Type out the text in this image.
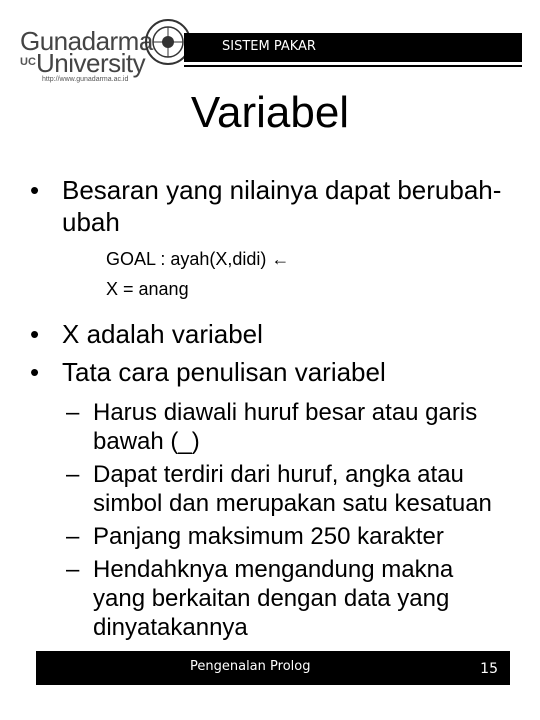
Gunadarma
UC University
http://www.gunadarma.ac.id
SISTEM PAKAR
Variabel
• Besaran yang nilainya dapat berubah-ubah
GOAL : ayah(X,didi) ←
X = anang
• X adalah variabel
• Tata cara penulisan variabel
– Harus diawali huruf besar atau garis bawah (_)
– Dapat terdiri dari huruf, angka atau simbol dan merupakan satu kesatuan
– Panjang maksimum 250 karakter
– Hendahknya mengandung makna yang berkaitan dengan data yang dinyatakannya
Pengenalan Prolog	15
